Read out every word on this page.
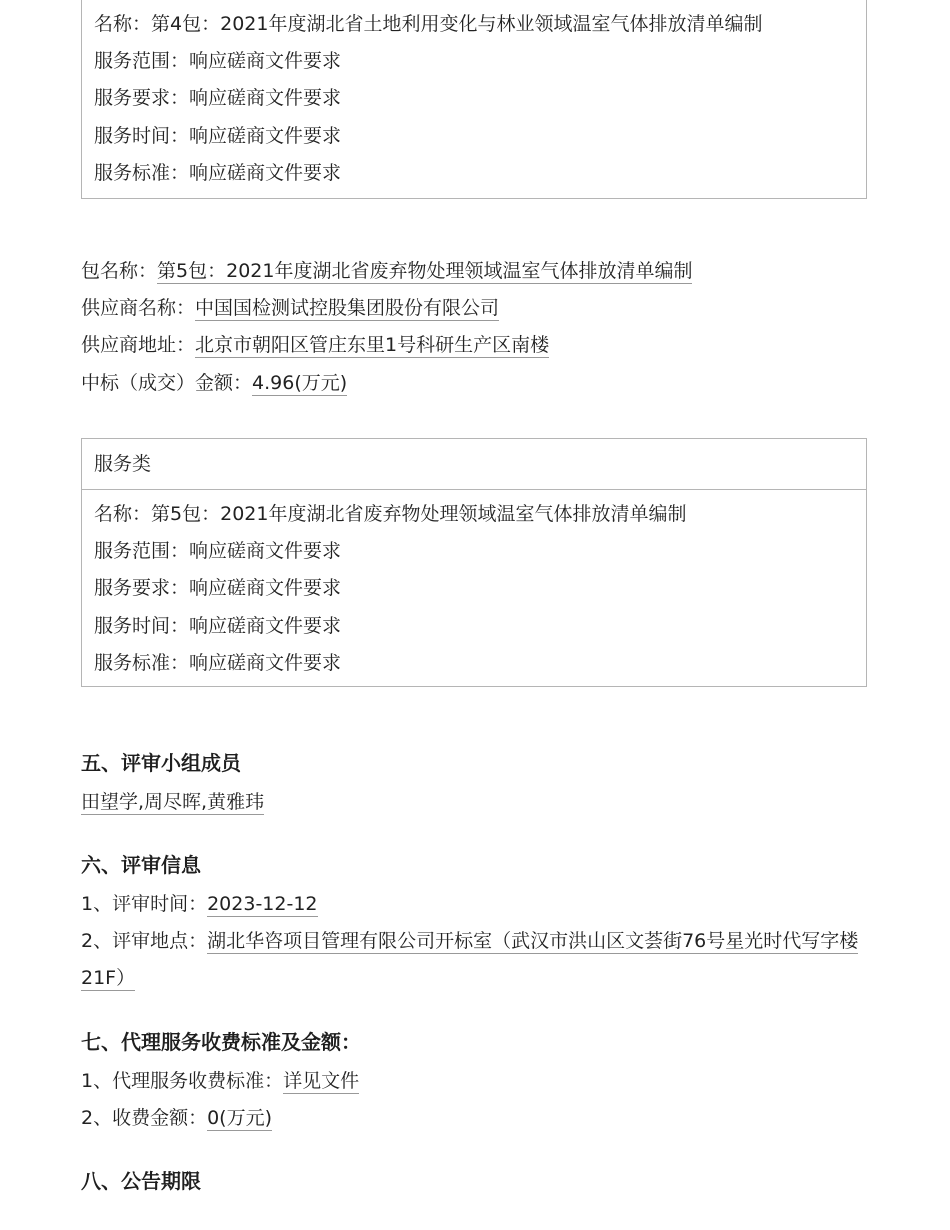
名称：第4包：2021年度湖北省土地利用变化与林业领域温室气体排放清单编制
服务范围：响应磋商文件要求
服务要求：响应磋商文件要求
服务时间：响应磋商文件要求
服务标准：响应磋商文件要求
包名称：第5包：2021年度湖北省废弃物处理领域温室气体排放清单编制
供应商名称：中国国检测试控股集团股份有限公司
供应商地址：北京市朝阳区管庄东里1号科研生产区南楼
中标（成交）金额：4.96(万元)
服务类
名称：第5包：2021年度湖北省废弃物处理领域温室气体排放清单编制
服务范围：响应磋商文件要求
服务要求：响应磋商文件要求
服务时间：响应磋商文件要求
服务标准：响应磋商文件要求
五、评审小组成员
田望学,周尽晖,黄雅玮
六、评审信息
1、评审时间：2023-12-12
2、评审地点：湖北华咨项目管理有限公司开标室（武汉市洪山区文荟街76号星光时代写字楼
21F）
七、代理服务收费标准及金额：
1、代理服务收费标准：详见文件
2、收费金额：0(万元)
八、公告期限
